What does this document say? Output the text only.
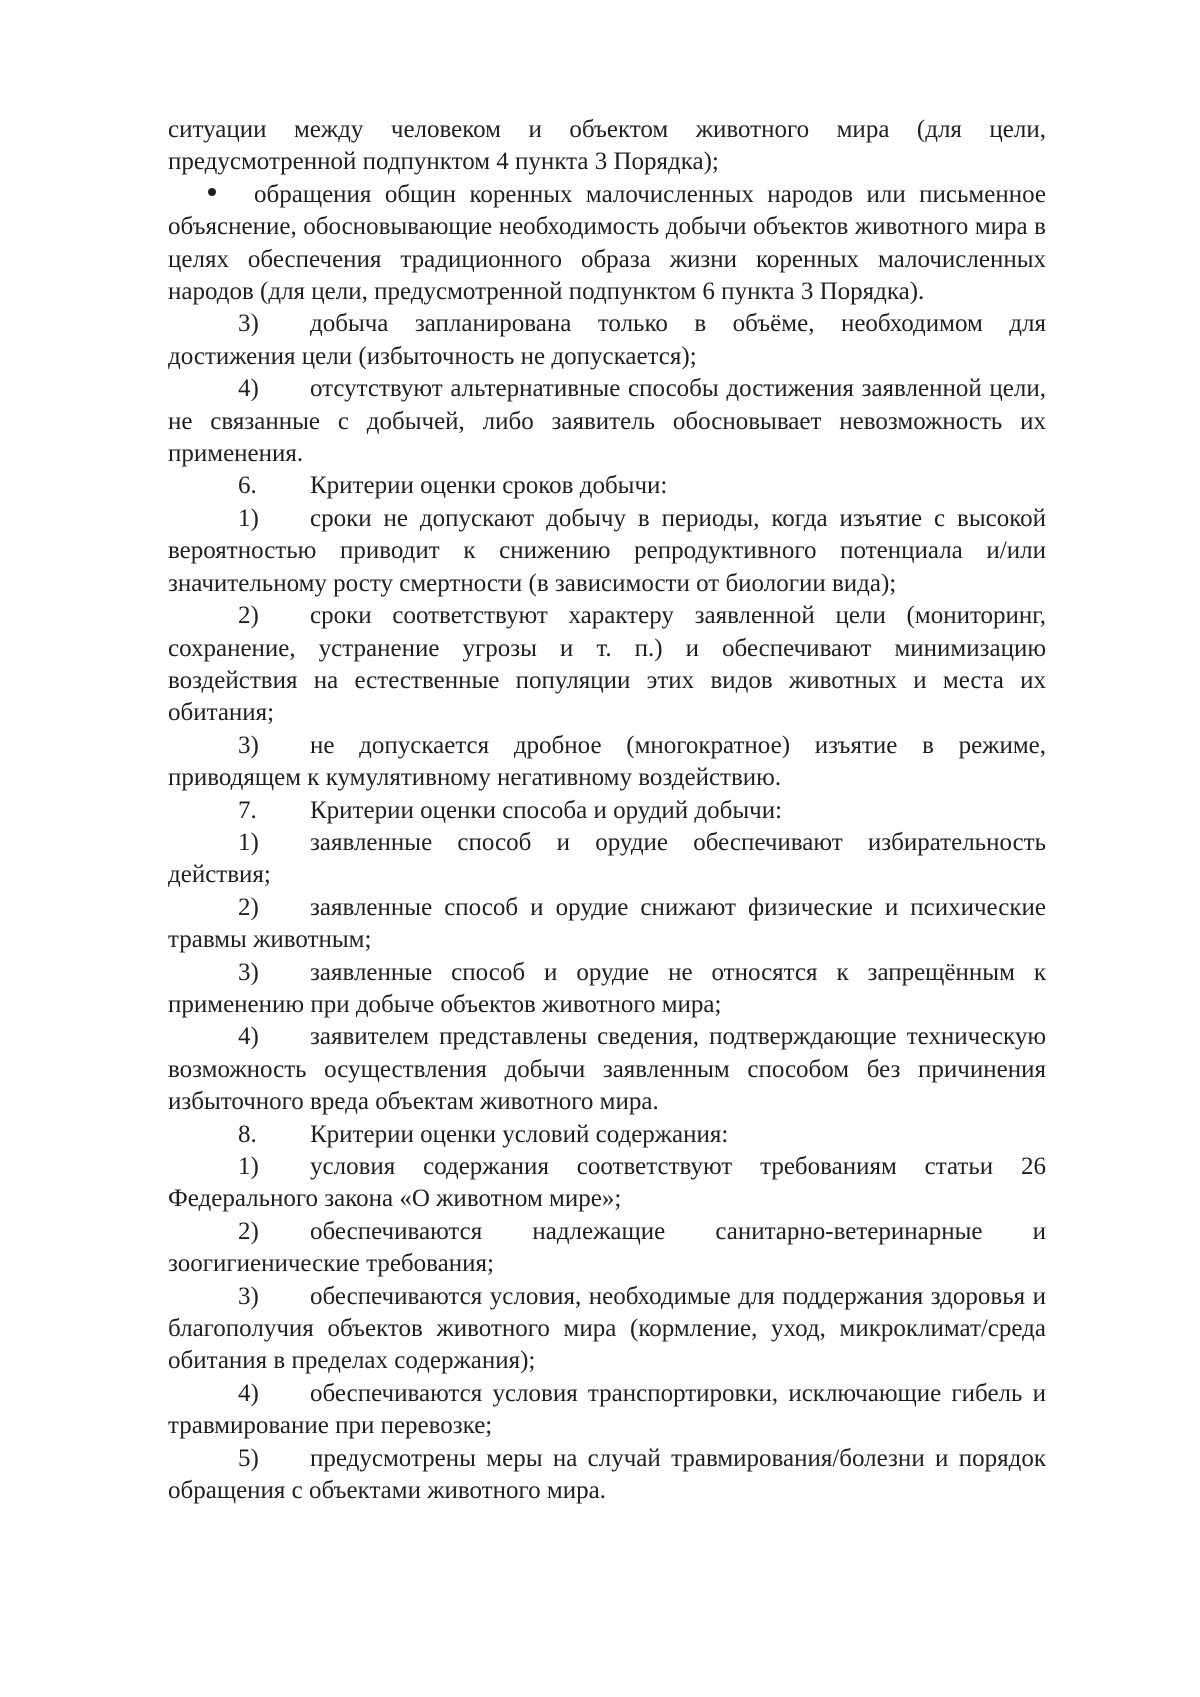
ситуации между человеком и объектом животного мира (для цели, предусмотренной подпунктом 4 пункта 3 Порядка);

обращения общин коренных малочисленных народов или письменное объяснение, обосновывающие необходимость добычи объектов животного мира в целях обеспечения традиционного образа жизни коренных малочисленных народов (для цели, предусмотренной подпунктом 6 пункта 3 Порядка).

3) добыча запланирована только в объёме, необходимом для достижения цели (избыточность не допускается);

4) отсутствуют альтернативные способы достижения заявленной цели, не связанные с добычей, либо заявитель обосновывает невозможность их применения.

6. Критерии оценки сроков добычи:

1) сроки не допускают добычу в периоды, когда изъятие с высокой вероятностью приводит к снижению репродуктивного потенциала и/или значительному росту смертности (в зависимости от биологии вида);

2) сроки соответствуют характеру заявленной цели (мониторинг, сохранение, устранение угрозы и т. п.) и обеспечивают минимизацию воздействия на естественные популяции этих видов животных и места их обитания;

3) не допускается дробное (многократное) изъятие в режиме, приводящем к кумулятивному негативному воздействию.

7. Критерии оценки способа и орудий добычи:

1) заявленные способ и орудие обеспечивают избирательность действия;

2) заявленные способ и орудие снижают физические и психические травмы животным;

3) заявленные способ и орудие не относятся к запрещённым к применению при добыче объектов животного мира;

4) заявителем представлены сведения, подтверждающие техническую возможность осуществления добычи заявленным способом без причинения избыточного вреда объектам животного мира.

8. Критерии оценки условий содержания:

1) условия содержания соответствуют требованиям статьи 26 Федерального закона «О животном мире»;

2) обеспечиваются надлежащие санитарно-ветеринарные и зоогигиенические требования;

3) обеспечиваются условия, необходимые для поддержания здоровья и благополучия объектов животного мира (кормление, уход, микроклимат/среда обитания в пределах содержания);

4) обеспечиваются условия транспортировки, исключающие гибель и травмирование при перевозке;

5) предусмотрены меры на случай травмирования/болезни и порядок обращения с объектами животного мира.
